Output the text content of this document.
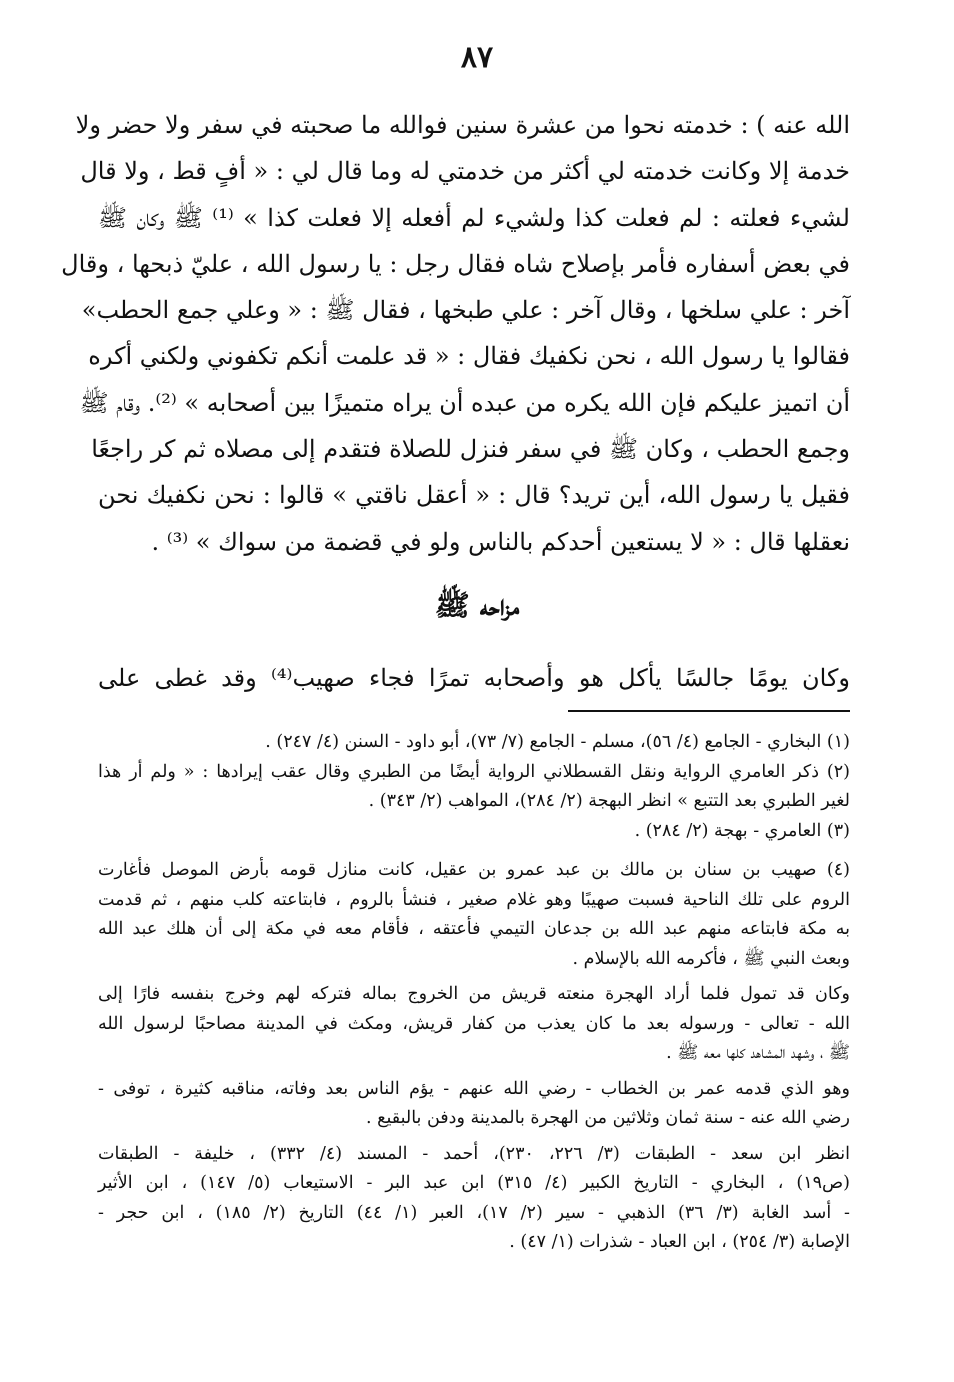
٨٧
الله عنه ) : خدمته نحوا من عشرة سنين فوالله ما صحبته في سفر ولا حضر ولا
خدمة إلا وكانت خدمته لي أكثر من خدمتي له وما قال لي : « أفٍ قط ، ولا قال
لشيء فعلته : لم فعلت كذا ولشيء لم أفعله إلا فعلت كذا » ⁽¹⁾ ﷺ وكان ﷺ
في بعض أسفاره فأمر بإصلاح شاه فقال رجل : يا رسول الله ، عليّ ذبحها ، وقال
آخر : علي سلخها ، وقال آخر : علي طبخها ، فقال ﷺ : « وعلي جمع الحطب»
فقالوا يا رسول الله ، نحن نكفيك فقال : « قد علمت أنكم تكفوني ولكني أكره
أن اتميز عليكم فإن الله يكره من عبده أن يراه متميزًا بين أصحابه » ⁽²⁾. وقام ﷺ
وجمع الحطب ، وكان ﷺ في سفر فنزل للصلاة فتقدم إلى مصلاه ثم كر راجعًا
فقيل يا رسول الله، أين تريد؟ قال : « أعقل ناقتي » قالوا : نحن نكفيك نحن
نعقلها قال : « لا يستعين أحدكم بالناس ولو في قضمة من سواك » ⁽³⁾ .
مزاحه ﷺ
وكان يومًا جالسًا يأكل هو وأصحابه تمرًا فجاء صهيب⁽⁴⁾ وقد غطى على
(١) البخاري - الجامع (٤/ ٥٦)، مسلم - الجامع (٧/ ٧٣)، أبو داود - السنن (٤/ ٢٤٧) .
(٢) ذكر العامري الرواية ونقل القسطلاني الرواية أيضًا من الطبري وقال عقب إيرادها : « ولم أر هذا
لغير الطبري بعد التتبع » انظر البهجة (٢/ ٢٨٤)، المواهب (٢/ ٣٤٣) .
(٣) العامري - بهجة (٢/ ٢٨٤) .
(٤) صهيب بن سنان بن مالك بن عبد عمرو بن عقيل، كانت منازل قومه بأرض الموصل فأغارت
الروم على تلك الناحية فسبت صهيبًا وهو غلام صغير ، فنشأ بالروم ، فابتاعته كلب منهم ، ثم قدمت
به مكة فابتاعه منهم عبد الله بن جدعان التيمي فأعتقه ، فأقام معه في مكة إلى أن هلك عبد الله
وبعث النبي ﷺ ، فأكرمه الله بالإسلام .
وكان قد تمول فلما أراد الهجرة منعته قريش من الخروج بماله فتركه لهم وخرج بنفسه فارًا إلى
الله - تعالى - ورسوله بعد ما كان يعذب من كفار قريش، ومكث في المدينة مصاحبًا لرسول الله
ﷺ ، وشهد المشاهد كلها معه ﷺ .
وهو الذي قدمه عمر بن الخطاب - رضي الله عنهم - يؤم الناس بعد وفاته، مناقبه كثيرة ، توفى -
رضي الله عنه - سنة ثمان وثلاثين من الهجرة بالمدينة ودفن بالبقيع .
انظر ابن سعد - الطبقات (٣/ ٢٢٦، ٢٣٠)، أحمد - المسند (٤/ ٣٣٢) ، خليفة - الطبقات
(ص١٩) ، البخاري - التاريخ الكبير (٤/ ٣١٥) ابن عبد البر - الاستيعاب (٥/ ١٤٧) ، ابن الأثير
- أسد الغابة (٣/ ٣٦) الذهبي - سير (٢/ ١٧)، العبر (١/ ٤٤) التاريخ (٢/ ١٨٥) ، ابن حجر -
الإصابة (٣/ ٢٥٤) ، ابن العباد - شذرات (١/ ٤٧) .
